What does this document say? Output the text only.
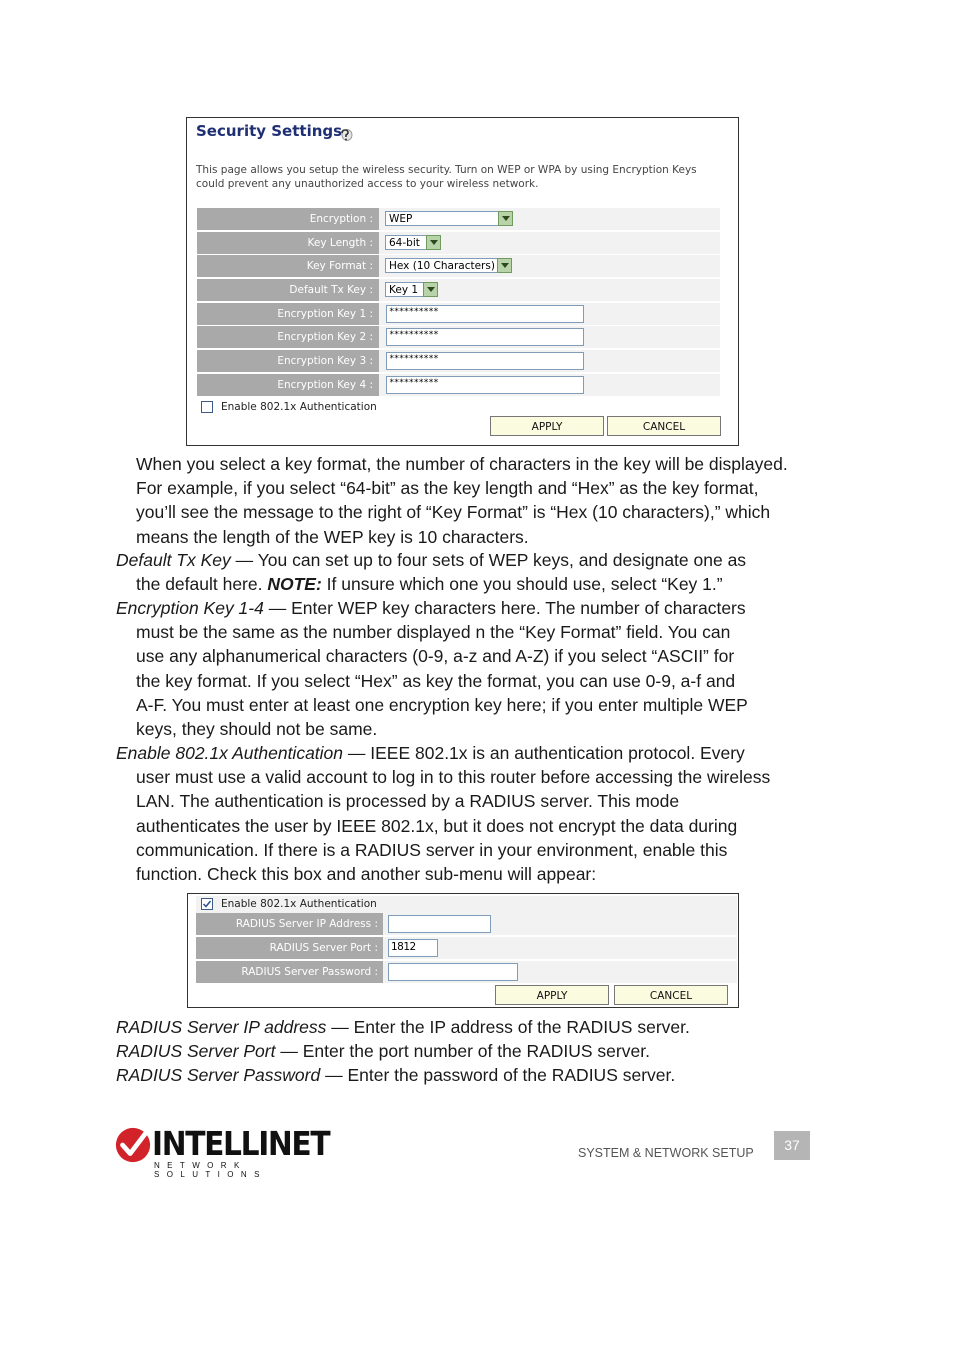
Security Settings
This page allows you setup the wireless security. Turn on WEP or WPA by using Encryption Keys
could prevent any unauthorized access to your wireless network.
Encryption :	WEP
Key Length :	64-bit
Key Format :	Hex (10 Characters)
Default Tx Key :	Key 1
Encryption Key 1 :	**********
Encryption Key 2 :	**********
Encryption Key 3 :	**********
Encryption Key 4 :	**********
Enable 802.1x Authentication
APPLY	CANCEL
When you select a key format, the number of characters in the key will be displayed.
For example, if you select “64-bit” as the key length and “Hex” as the key format,
you’ll see the message to the right of “Key Format” is “Hex (10 characters),” which
means the length of the WEP key is 10 characters.
Default Tx Key — You can set up to four sets of WEP keys, and designate one as
the default here. NOTE: If unsure which one you should use, select “Key 1.”
Encryption Key 1-4 — Enter WEP key characters here. The number of characters
must be the same as the number displayed n the “Key Format” field. You can
use any alphanumerical characters (0-9, a-z and A-Z) if you select “ASCII” for
the key format. If you select “Hex” as key the format, you can use 0-9, a-f and
A-F. You must enter at least one encryption key here; if you enter multiple WEP
keys, they should not be same.
Enable 802.1x Authentication — IEEE 802.1x is an authentication protocol. Every
user must use a valid account to log in to this router before accessing the wireless
LAN. The authentication is processed by a RADIUS server. This mode
authenticates the user by IEEE 802.1x, but it does not encrypt the data during
communication. If there is a RADIUS server in your environment, enable this
function. Check this box and another sub-menu will appear:
Enable 802.1x Authentication
RADIUS Server IP Address :
RADIUS Server Port :	1812
RADIUS Server Password :
APPLY	CANCEL
RADIUS Server IP address — Enter the IP address of the RADIUS server.
RADIUS Server Port — Enter the port number of the RADIUS server.
RADIUS Server Password — Enter the password of the RADIUS server.
INTELLINET
NETWORK SOLUTIONS
SYSTEM & NETWORK SETUP	37
